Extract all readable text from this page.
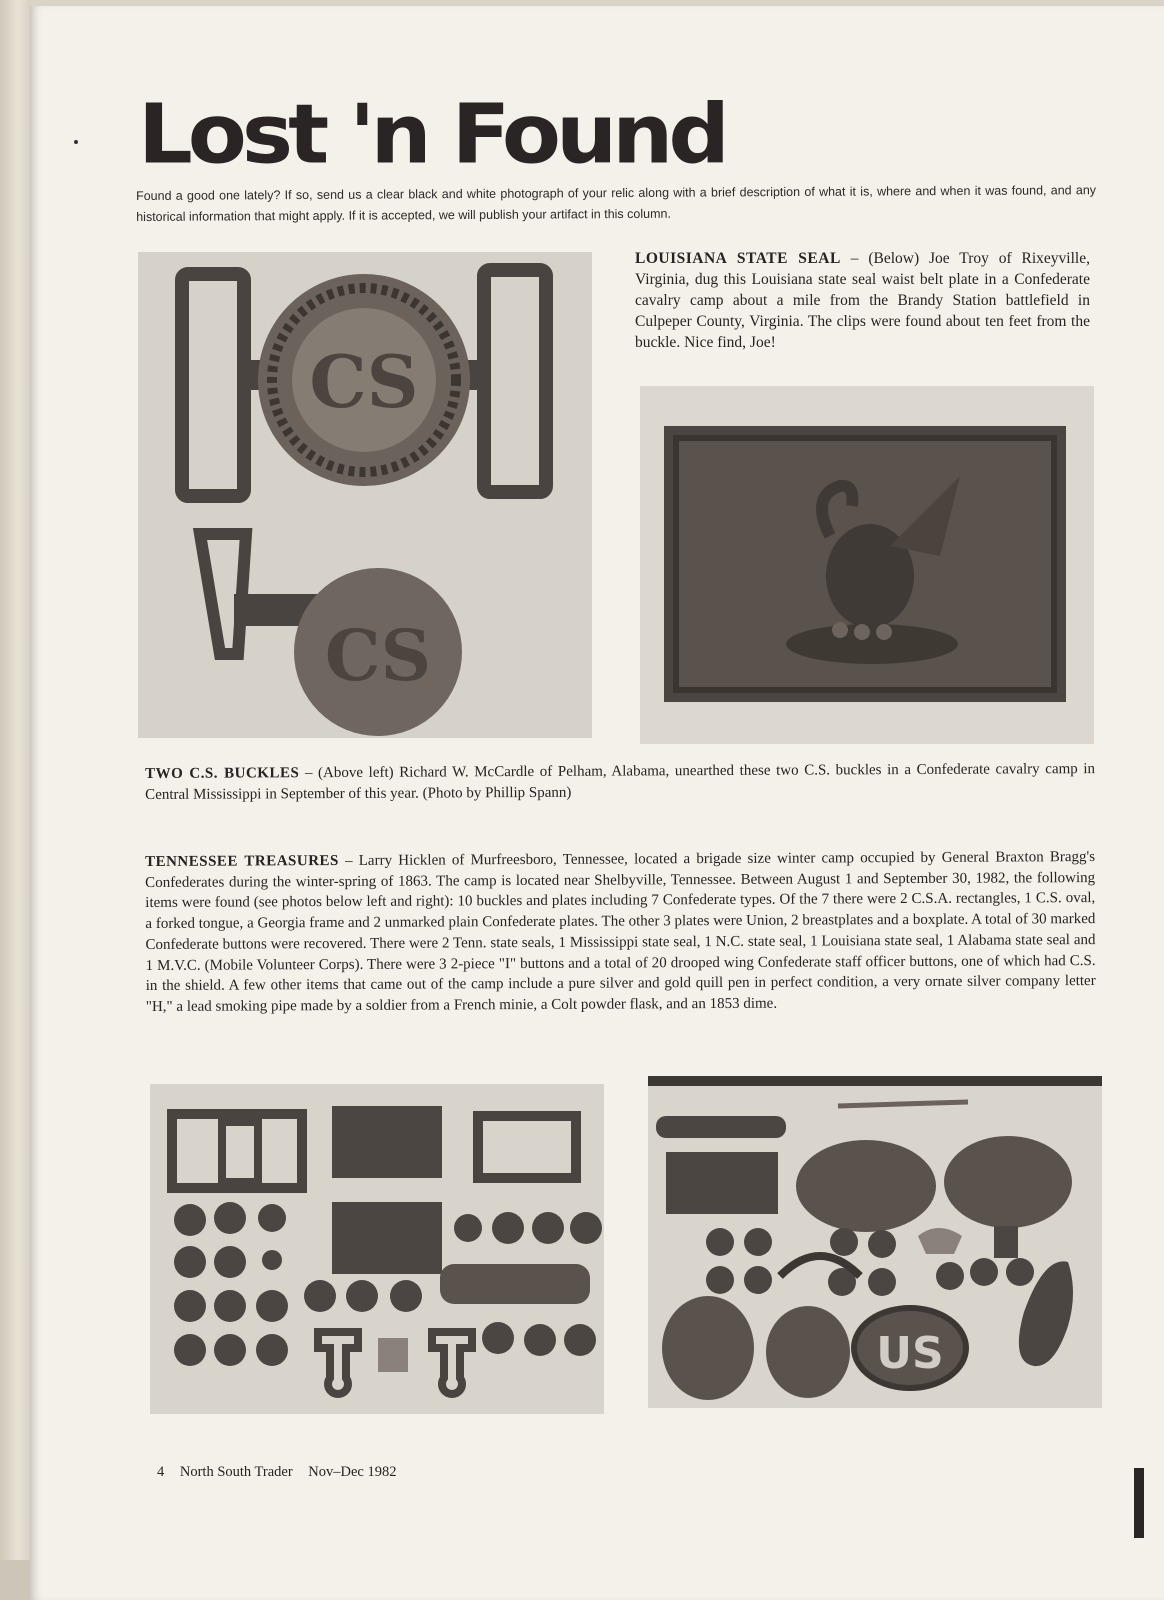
Lost 'n Found
Found a good one lately? If so, send us a clear black and white photograph of your relic along with a brief description of what it is, where and when it was found, and any historical information that might apply. If it is accepted, we will publish your artifact in this column.
CS
CS
LOUISIANA STATE SEAL – (Below) Joe Troy of Rixeyville, Virginia, dug this Louisiana state seal waist belt plate in a Confederate cavalry camp about a mile from the Brandy Station battlefield in Culpeper County, Virginia. The clips were found about ten feet from the buckle. Nice find, Joe!
TWO C.S. BUCKLES – (Above left) Richard W. McCardle of Pelham, Alabama, unearthed these two C.S. buckles in a Confederate cavalry camp in Central Mississippi in September of this year. (Photo by Phillip Spann)
TENNESSEE TREASURES – Larry Hicklen of Murfreesboro, Tennessee, located a brigade size winter camp occupied by General Braxton Bragg's Confederates during the winter-spring of 1863. The camp is located near Shelbyville, Tennessee. Between August 1 and September 30, 1982, the following items were found (see photos below left and right): 10 buckles and plates including 7 Confederate types. Of the 7 there were 2 C.S.A. rectangles, 1 C.S. oval, a forked tongue, a Georgia frame and 2 unmarked plain Confederate plates. The other 3 plates were Union, 2 breastplates and a boxplate. A total of 30 marked Confederate buttons were recovered. There were 2 Tenn. state seals, 1 Mississippi state seal, 1 N.C. state seal, 1 Louisiana state seal, 1 Alabama state seal and 1 M.V.C. (Mobile Volunteer Corps). There were 3 2-piece "I" buttons and a total of 20 drooped wing Confederate staff officer buttons, one of which had C.S. in the shield. A few other items that came out of the camp include a pure silver and gold quill pen in perfect condition, a very ornate silver company letter "H," a lead smoking pipe made by a soldier from a French minie, a Colt powder flask, and an 1853 dime.
US
4 North South Trader Nov–Dec 1982
